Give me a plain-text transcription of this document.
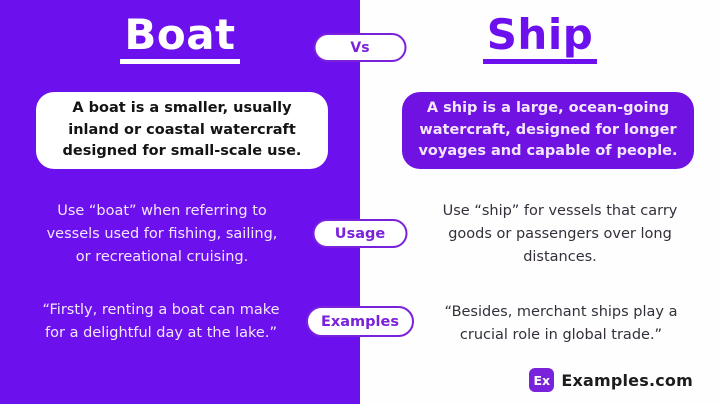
Boat	Ship
Vs
A boat is a smaller, usually
inland or coastal watercraft
designed for small-scale use.
A ship is a large, ocean-going
watercraft, designed for longer
voyages and capable of people.
Use “boat” when referring to
vessels used for fishing, sailing,
or recreational cruising.
Usage
Use “ship” for vessels that carry
goods or passengers over long
distances.
“Firstly, renting a boat can make
for a delightful day at the lake.”
Examples
“Besides, merchant ships play a
crucial role in global trade.”
Ex Examples.com
